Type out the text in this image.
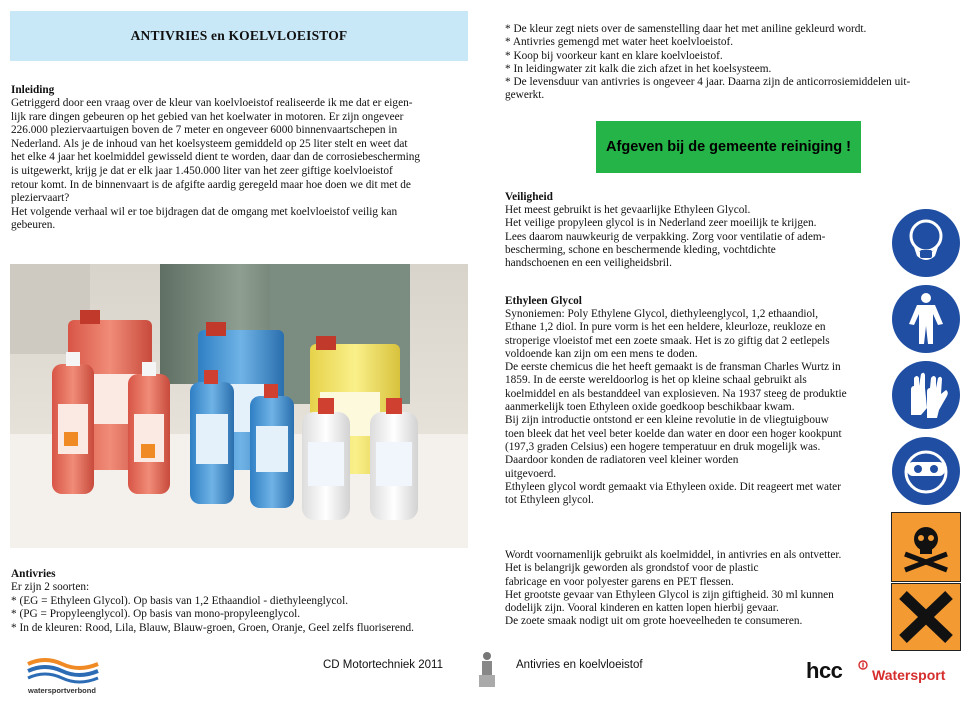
ANTIVRIES en KOELVLOEISTOF

Inleiding

Getriggerd door een vraag over de kleur van koelvloeistof realiseerde ik me dat er eigen-

lijk rare dingen gebeuren op het gebied van het koelwater in motoren. Er zijn ongeveer

226.000 pleziervaartuigen boven de 7 meter en ongeveer 6000 binnenvaartschepen in

Nederland. Als je de inhoud van het koelsysteem gemiddeld op 25 liter stelt en weet dat

het elke 4 jaar het koelmiddel gewisseld dient te worden, daar dan de corrosiebescherming

is uitgewerkt, krijg je dat er elk jaar 1.450.000 liter van het zeer giftige koelvloeistof

retour komt. In de binnenvaart is de afgifte aardig geregeld maar hoe doen we dit met de

pleziervaart?

Het volgende verhaal wil er toe bijdragen dat de omgang met koelvloeistof veilig kan

gebeuren.

Antivries

Er zijn 2 soorten:

* (EG = Ethyleen Glycol). Op basis van 1,2 Ethaandiol - diethyleenglycol.

* (PG = Propyleenglycol). Op basis van mono-propyleenglycol.

* In de kleuren: Rood, Lila, Blauw, Blauw-groen, Groen, Oranje, Geel zelfs fluoriserend.

* De kleur zegt niets over de samenstelling daar het met aniline gekleurd wordt.

* Antivries gemengd met water heet koelvloeistof.

* Koop bij voorkeur kant en klare koelvloeistof.

* In leidingwater zit kalk die zich afzet in het koelsysteem.

* De levensduur van antivries is ongeveer 4 jaar. Daarna zijn de anticorrosiemiddelen uit-

gewerkt.

Afgeven bij de gemeente reiniging !

Veiligheid

Het meest gebruikt is het gevaarlijke Ethyleen Glycol.

Het veilige propyleen glycol is in Nederland zeer moeilijk te krijgen.

Lees daarom nauwkeurig de verpakking. Zorg voor ventilatie of adem-

bescherming, schone en beschermende kleding, vochtdichte

handschoenen en een veiligheidsbril.

Ethyleen Glycol

Synoniemen: Poly Ethylene Glycol, diethyleenglycol, 1,2 ethaandiol,

Ethane 1,2 diol. In pure vorm is het een heldere, kleurloze, reukloze en

stroperige vloeistof met een zoete smaak. Het is zo giftig dat 2 eetlepels

voldoende kan zijn om een mens te doden.

De eerste chemicus die het heeft gemaakt is de fransman Charles Wurtz in

1859. In de eerste wereldoorlog is het op kleine schaal gebruikt als

koelmiddel en als bestanddeel van explosieven. Na 1937 steeg de produktie

aanmerkelijk toen Ethyleen oxide goedkoop beschikbaar kwam.

Bij zijn introductie ontstond er een kleine revolutie in de vliegtuigbouw

toen bleek dat het veel beter koelde dan water en door een hoger kookpunt

(197,3 graden Celsius) een hogere temperatuur en druk mogelijk was.

Daardoor konden de radiatoren veel kleiner worden

uitgevoerd.

Ethyleen glycol wordt gemaakt via Ethyleen oxide. Dit reageert met water

tot Ethyleen glycol.

Wordt voornamenlijk gebruikt als koelmiddel, in antivries en als ontvetter.

Het is belangrijk geworden als grondstof voor de plastic

fabricage en voor polyester garens en PET flessen.

Het grootste gevaar van Ethyleen Glycol is zijn giftigheid. 30 ml kunnen

dodelijk zijn. Vooral kinderen en katten lopen hierbij gevaar.

De zoete smaak nodigt uit om grote hoeveelheden te consumeren.

watersportverbond
CD Motortechniek 2011	Antivries en koelvloeistof	hcc Watersport
